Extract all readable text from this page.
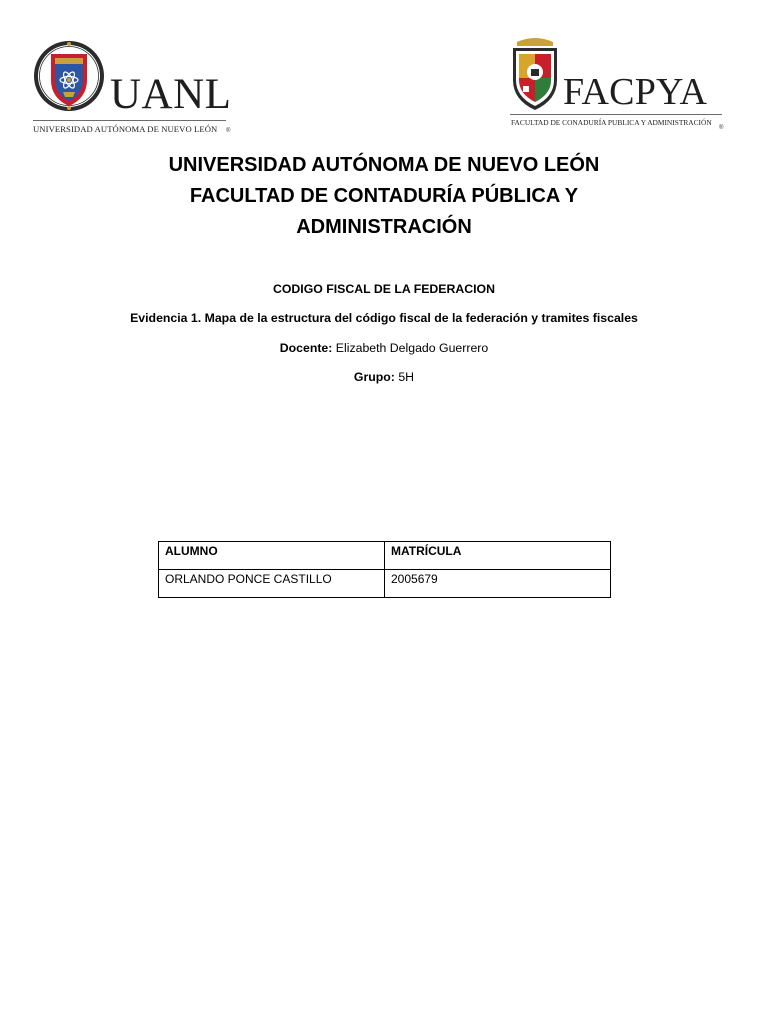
UANL
UNIVERSIDAD AUTÓNOMA DE NUEVO LEÓN ®
FACPYA
FACULTAD DE CONADURÍA PUBLICA Y ADMINISTRACIÓN
®
UNIVERSIDAD AUTÓNOMA DE NUEVO LEÓN
FACULTAD DE CONTADURÍA PÚBLICA Y
ADMINISTRACIÓN
CODIGO FISCAL DE LA FEDERACION
Evidencia 1. Mapa de la estructura del código fiscal de la federación y tramites fiscales
Docente: Elizabeth Delgado Guerrero
Grupo: 5H
ALUMNO	MATRÍCULA
ORLANDO PONCE CASTILLO	2005679
